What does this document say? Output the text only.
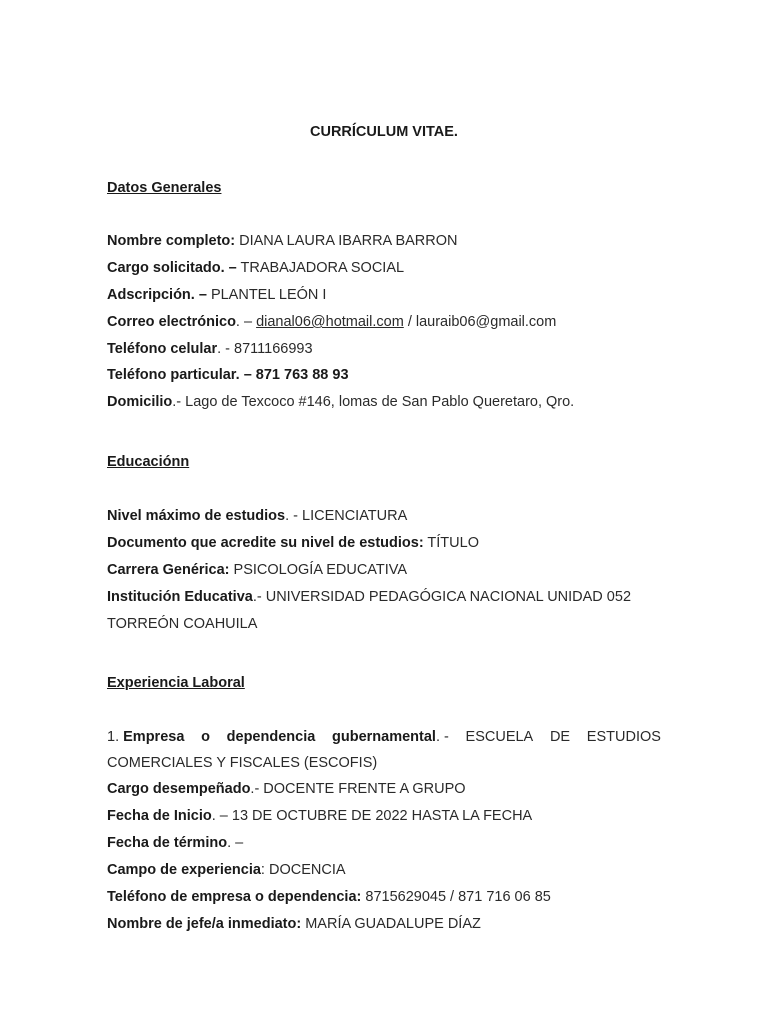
CURRÍCULUM VITAE.
Datos Generales
Nombre completo: DIANA LAURA IBARRA BARRON
Cargo solicitado. – TRABAJADORA SOCIAL
Adscripción. – PLANTEL LEÓN I
Correo electrónico. – dianal06@hotmail.com / lauraib06@gmail.com
Teléfono celular. - 8711166993
Teléfono particular. – 871 763 88 93
Domicilio.- Lago de Texcoco #146, lomas de San Pablo Queretaro, Qro.
Educaciónn
Nivel máximo de estudios. - LICENCIATURA
Documento que acredite su nivel de estudios: TÍTULO
Carrera Genérica: PSICOLOGÍA EDUCATIVA
Institución Educativa.- UNIVERSIDAD PEDAGÓGICA NACIONAL UNIDAD 052
TORREÓN COAHUILA
Experiencia Laboral
1. Empresa o dependencia gubernamental. - ESCUELA DE ESTUDIOS
COMERCIALES Y FISCALES (ESCOFIS)
Cargo desempeñado.- DOCENTE FRENTE A GRUPO
Fecha de Inicio. – 13 DE OCTUBRE DE 2022 HASTA LA FECHA
Fecha de término. –
Campo de experiencia: DOCENCIA
Teléfono de empresa o dependencia: 8715629045 / 871 716 06 85
Nombre de jefe/a inmediato: MARÍA GUADALUPE DÍAZ
